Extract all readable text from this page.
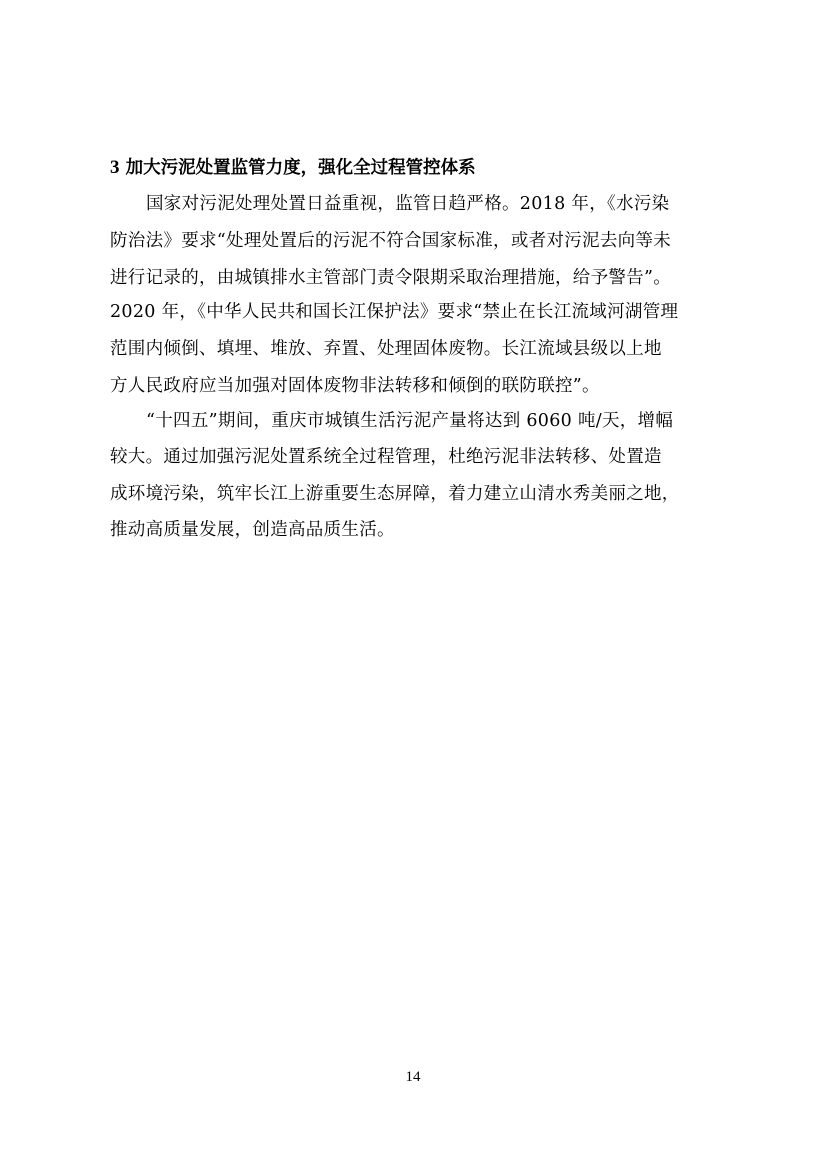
3 加大污泥处置监管力度，强化全过程管控体系

国家对污泥处理处置日益重视，监管日趋严格。2018 年，《水污染

防治法》要求“处理处置后的污泥不符合国家标准，或者对污泥去向等未

进行记录的，由城镇排水主管部门责令限期采取治理措施，给予警告”。

2020 年，《中华人民共和国长江保护法》要求“禁止在长江流域河湖管理

范围内倾倒、填埋、堆放、弃置、处理固体废物。长江流域县级以上地

方人民政府应当加强对固体废物非法转移和倾倒的联防联控”。

“十四五”期间，重庆市城镇生活污泥产量将达到 6060 吨/天，增幅

较大。通过加强污泥处置系统全过程管理，杜绝污泥非法转移、处置造

成环境污染，筑牢长江上游重要生态屏障，着力建立山清水秀美丽之地，

推动高质量发展，创造高品质生活。

14
